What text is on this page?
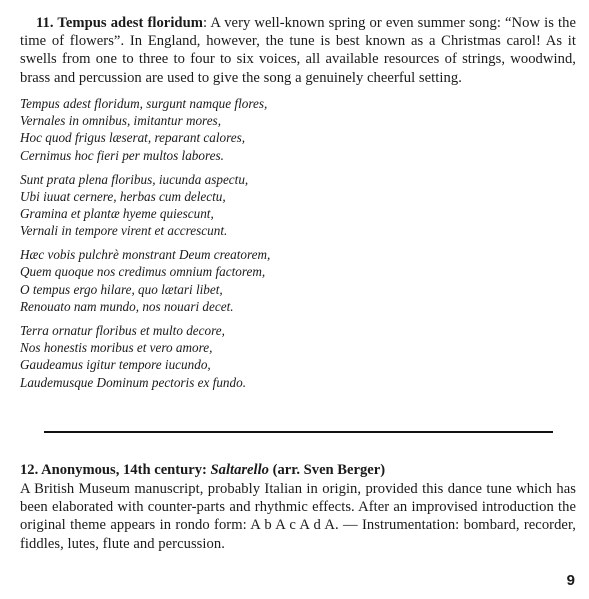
11. Tempus adest floridum: A very well-known spring or even summer song: “Now is the time of flowers”. In England, however, the tune is best known as a Christmas carol! As it swells from one to three to four to six voices, all available resources of strings, woodwind, brass and percussion are used to give the song a genuinely cheerful setting.

Tempus adest floridum, surgunt namque flores,
Vernales in omnibus, imitantur mores,
Hoc quod frigus læserat, reparant calores,
Cernimus hoc fieri per multos labores.
Sunt prata plena floribus, iucunda aspectu,
Ubi iuuat cernere, herbas cum delectu,
Gramina et plantæ hyeme quiescunt,
Vernali in tempore virent et accrescunt.
Hæc vobis pulchrè monstrant Deum creatorem,
Quem quoque nos credimus omnium factorem,
O tempus ergo hilare, quo lætari libet,
Renouato nam mundo, nos nouari decet.
Terra ornatur floribus et multo decore,
Nos honestis moribus et vero amore,
Gaudeamus igitur tempore iucundo,
Laudemusque Dominum pectoris ex fundo.

12. Anonymous, 14th century: Saltarello (arr. Sven Berger)

A British Museum manuscript, probably Italian in origin, provided this dance tune which has been elaborated with counter-parts and rhythmic effects. After an improvised introduction the original theme appears in rondo form: A b A c A d A. — Instrumentation: bombard, recorder, fiddles, lutes, flute and percussion.

9
